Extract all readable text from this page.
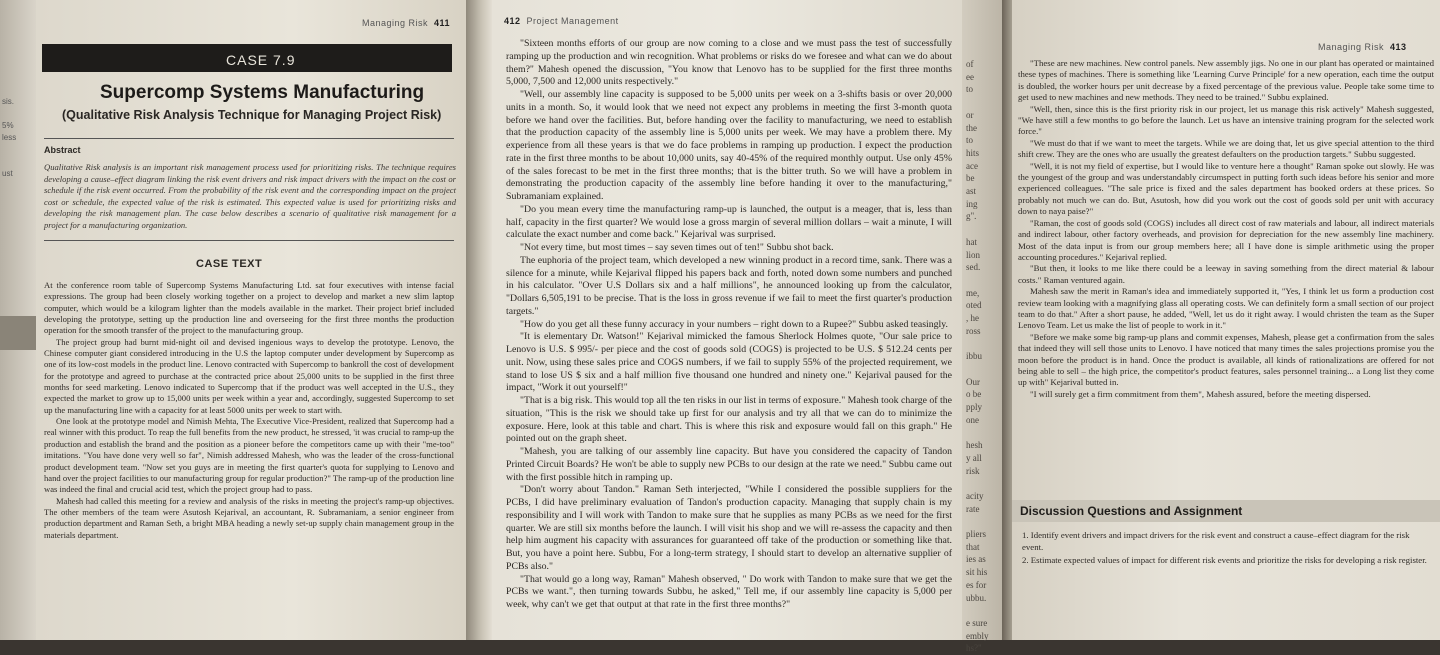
sis.

5%
less

ust
Managing Risk 411
CASE 7.9
Supercomp Systems Manufacturing
(Qualitative Risk Analysis Technique for Managing Project Risk)
Abstract
Qualitative Risk analysis is an important risk management process used for prioritizing risks. The technique requires developing a cause–effect diagram linking the risk event drivers and risk impact drivers with the impact on the cost or schedule if the risk event occurred. From the probability of the risk event and the corresponding impact on the project cost or schedule, the expected value of the risk is estimated. This expected value is used for prioritizing risks and developing the risk management plan. The case below describes a scenario of qualitative risk management for a project for a manufacturing organization.
CASE TEXT

At the conference room table of Supercomp Systems Manufacturing Ltd. sat four executives with intense facial expressions. The group had been closely working together on a project to develop and market a new slim laptop computer, which would be a kilogram lighter than the models available in the market. Their project brief included developing the prototype, setting up the production line and overseeing for the first three months the production operation for the smooth transfer of the project to the manufacturing group.

The project group had burnt mid-night oil and devised ingenious ways to develop the prototype. Lenovo, the Chinese computer giant considered introducing in the U.S the laptop computer under development by Supercomp as one of its low-cost models in the product line. Lenovo contracted with Supercomp to bankroll the cost of development for the prototype and agreed to purchase at the contracted price about 25,000 units to be supplied in the first three months for seed marketing. Lenovo indicated to Supercomp that if the product was well accepted in the U.S., they expected the market to grow up to 15,000 units per week within a year and, accordingly, suggested Supercomp to set up the manufacturing line with a capacity for at least 5000 units per week to start with.

One look at the prototype model and Nimish Mehta, The Executive Vice-President, realized that Supercomp had a real winner with this product. To reap the full benefits from the new product, he stressed, 'it was crucial to ramp-up the production and establish the brand and the position as a pioneer before the competitors came up with their "me-too" imitations. "You have done very well so far", Nimish addressed Mahesh, who was the leader of the cross-functional product development team. "Now set you guys are in meeting the first quarter's quota for supplying to Lenovo and hand over the project facilities to our manufacturing group for regular production?" The ramp-up of the production line was indeed the final and crucial acid test, which the project group had to pass.

Mahesh had called this meeting for a review and analysis of the risks in meeting the project's ramp-up objectives. The other members of the team were Asutosh Kejarival, an accountant, R. Subramaniam, a senior engineer from production department and Raman Seth, a bright MBA heading a newly set-up supply chain management group in the materials department.

412 Project Management

"Sixteen months efforts of our group are now coming to a close and we must pass the test of successfully ramping up the production and win recognition. What problems or risks do we foresee and what can we do about them?" Mahesh opened the discussion, "You know that Lenovo has to be supplied for the first three months 5,000, 7,500 and 12,000 units respectively."

"Well, our assembly line capacity is supposed to be 5,000 units per week on a 3-shifts basis or over 20,000 units in a month. So, it would look that we need not expect any problems in meeting the first 3-month quota before we hand over the facilities. But, before handing over the facility to manufacturing, we need to establish that the production capacity of the assembly line is 5,000 units per week. We may have a problem there. My experience from all these years is that we do face problems in ramping up production. I expect the production rate in the first three months to be about 10,000 units, say 40-45% of the required monthly output. Use only 45% of the sales forecast to be met in the first three months; that is the bitter truth. So we will have a problem in demonstrating the production capacity of the assembly line before handing it over to the manufacturing," Subramaniam explained.

"Do you mean every time the manufacturing ramp-up is launched, the output is a meager, that is, less than half, capacity in the first quarter? We would lose a gross margin of several million dollars – wait a minute, I will calculate the exact number and come back." Kejarival was surprised.

"Not every time, but most times – say seven times out of ten!" Subbu shot back.

The euphoria of the project team, which developed a new winning product in a record time, sank. There was a silence for a minute, while Kejarival flipped his papers back and forth, noted down some numbers and punched in his calculator. "Over U.S Dollars six and a half millions", he announced looking up from the calculator, "Dollars 6,505,191 to be precise. That is the loss in gross revenue if we fail to meet the first quarter's production targets."

"How do you get all these funny accuracy in your numbers – right down to a Rupee?" Subbu asked teasingly.

"It is elementary Dr. Watson!" Kejarival mimicked the famous Sherlock Holmes quote, "Our sale price to Lenovo is U.S. $ 995/- per piece and the cost of goods sold (COGS) is projected to be U.S. $ 512.24 cents per unit. Now, using these sales price and COGS numbers, if we fail to supply 55% of the projected requirement, we stand to lose US $ six and a half million five thousand one hundred and ninety one." Kejarival paused for the impact, "Work it out yourself!"

"That is a big risk. This would top all the ten risks in our list in terms of exposure." Mahesh took charge of the situation, "This is the risk we should take up first for our analysis and try all that we can do to minimize the exposure. Here, look at this table and chart. This is where this risk and exposure would fall on this graph." He pointed out on the graph sheet.

"Mahesh, you are talking of our assembly line capacity. But have you considered the capacity of Tandon Printed Circuit Boards? He won't be able to supply new PCBs to our design at the rate we need." Subbu came out with the first possible hitch in ramping up.

"Don't worry about Tandon." Raman Seth interjected, "While I considered the possible suppliers for the PCBs, I did have preliminary evaluation of Tandon's production capacity. Managing that supply chain is my responsibility and I will work with Tandon to make sure that he supplies as many PCBs as we need for the first quarter. We are still six months before the launch. I will visit his shop and we will re-assess the capacity and then help him augment his capacity with assurances for guaranteed off take of the production or something like that. But, you have a point here. Subbu, For a long-term strategy, I should start to develop an alternative supplier of PCBs also."

"That would go a long way, Raman" Mahesh observed, " Do work with Tandon to make sure that we get the PCBs we want.", then turning towards Subbu, he asked," Tell me, if our assembly line capacity is 5,000 per week, why can't we get that output at that rate in the first three months?"

of
ee
to

or
the
to
hits
ace
be
ast
ing
g".

hat
lion
sed.

me,
oted
, he
ross

ibbu

Our
o be
pply
one

hesh
y all
risk

acity
rate

pliers
that
ies as
sit his
es for
ubbu.

e sure
embly
hs?"
Managing Risk 413

"These are new machines. New control panels. New assembly jigs. No one in our plant has operated or maintained these types of machines. There is something like 'Learning Curve Principle' for a new operation, each time the output is doubled, the worker hours per unit decrease by a fixed percentage of the previous value. People take some time to get used to new machines and new methods. They need to be trained." Subbu explained.

"Well, then, since this is the first priority risk in our project, let us manage this risk actively" Mahesh suggested, "We have still a few months to go before the launch. Let us have an intensive training program for the selected work force."

"We must do that if we want to meet the targets. While we are doing that, let us give special attention to the third shift crew. They are the ones who are usually the greatest defaulters on the production targets." Subbu suggested.

"Well, it is not my field of expertise, but I would like to venture here a thought" Raman spoke out slowly. He was the youngest of the group and was understandably circumspect in putting forth such ideas before his senior and more experienced colleagues. "The sale price is fixed and the sales department has booked orders at these prices. So probably not much we can do. But, Asutosh, how did you work out the cost of goods sold per unit with accuracy down to naya paise?"

"Raman, the cost of goods sold (COGS) includes all direct cost of raw materials and labour, all indirect materials and indirect labour, other factory overheads, and provision for depreciation for the new assembly line machinery. Most of the data input is from our group members here; all I have done is simple arithmetic using the proper accounting procedures." Kejarival replied.

"But then, it looks to me like there could be a leeway in saving something from the direct material & labour costs." Raman ventured again.

Mahesh saw the merit in Raman's idea and immediately supported it, "Yes, I think let us form a production cost review team looking with a magnifying glass all operating costs. We can definitely form a small section of our project team to do that." After a short pause, he added, "Well, let us do it right away. I would christen the team as the Super Lenovo Team. Let us make the list of people to work in it."

"Before we make some big ramp-up plans and commit expenses, Mahesh, please get a confirmation from the sales that indeed they will sell those units to Lenovo. I have noticed that many times the sales projections promise you the moon before the product is in hand. Once the product is available, all kinds of rationalizations are offered for not being able to sell – the high price, the competitor's product features, sales personnel training... a Long list they come up with" Kejarival butted in.

"I will surely get a firm commitment from them", Mahesh assured, before the meeting dispersed.

Discussion Questions and Assignment
1. Identify event drivers and impact drivers for the risk event and construct a cause–effect diagram for the risk event.
2. Estimate expected values of impact for different risk events and prioritize the risks for developing a risk register.
